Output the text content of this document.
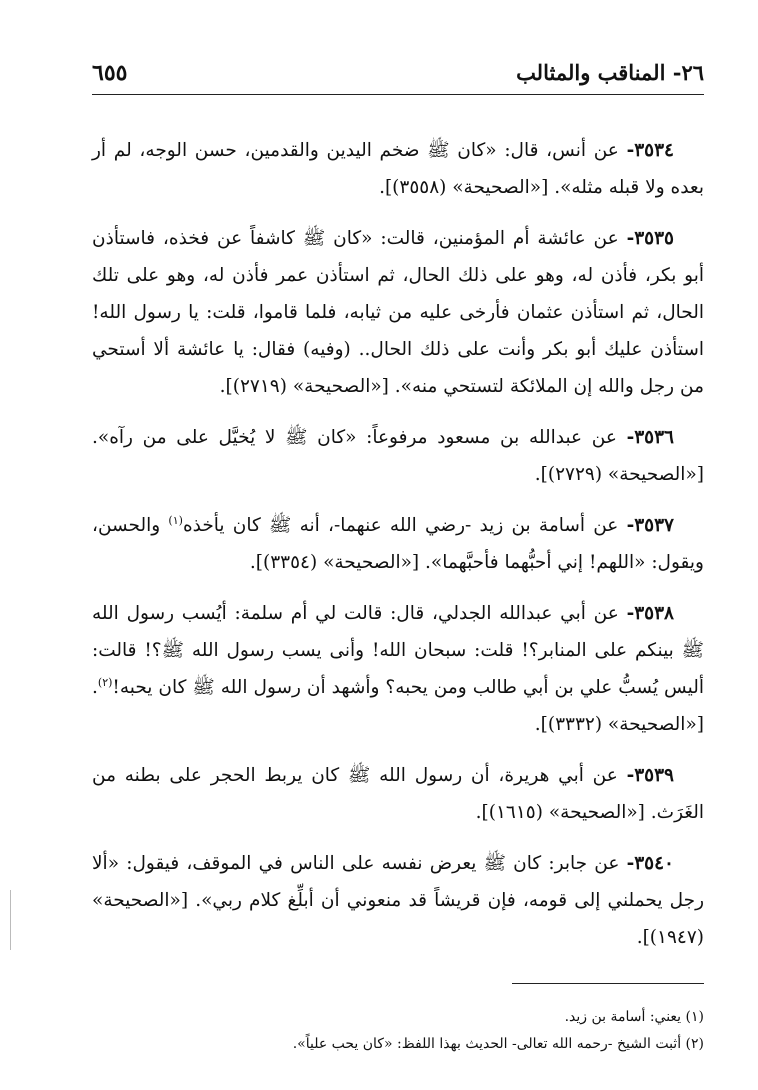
٢٦- المناقب والمثالب
٦٥٥

٣٥٣٤- عن أنس، قال: «كان ﷺ ضخم اليدين والقدمين، حسن الوجه، لم أر بعده ولا قبله مثله». [«الصحيحة» (٣٥٥٨)].

٣٥٣٥- عن عائشة أم المؤمنين، قالت: «كان ﷺ كاشفاً عن فخذه، فاستأذن أبو بكر، فأذن له، وهو على ذلك الحال، ثم استأذن عمر فأذن له، وهو على تلك الحال، ثم استأذن عثمان فأرخى عليه من ثيابه، فلما قاموا، قلت: يا رسول الله! استأذن عليك أبو بكر وأنت على ذلك الحال.. (وفيه) فقال: يا عائشة ألا أستحي من رجل والله إن الملائكة لتستحي منه». [«الصحيحة» (٢٧١٩)].

٣٥٣٦- عن عبدالله بن مسعود مرفوعاً: «كان ﷺ لا يُخيَّل على من رآه». [«الصحيحة» (٢٧٢٩)].

٣٥٣٧- عن أسامة بن زيد -رضي الله عنهما-، أنه ﷺ كان يأخذه$^{(١)}$ والحسن، ويقول: «اللهم! إني أحبُّهما فأحبَّهما». [«الصحيحة» (٣٣٥٤)].

٣٥٣٨- عن أبي عبدالله الجدلي، قال: قالت لي أم سلمة: أيُسب رسول الله ﷺ بينكم على المنابر؟! قلت: سبحان الله! وأنى يسب رسول الله ﷺ؟! قالت: أليس يُسبُّ علي بن أبي طالب ومن يحبه؟ وأشهد أن رسول الله ﷺ كان يحبه!$^{(٢)}$. [«الصحيحة» (٣٣٣٢)].

٣٥٣٩- عن أبي هريرة، أن رسول الله ﷺ كان يربط الحجر على بطنه من الغَرَث. [«الصحيحة» (١٦١٥)].

٣٥٤٠- عن جابر: كان ﷺ يعرض نفسه على الناس في الموقف، فيقول: «ألا رجل يحملني إلى قومه، فإن قريشاً قد منعوني أن أبلِّغ كلام ربي». [«الصحيحة» (١٩٤٧)].

(١) يعني: أسامة بن زيد.

(٢) أثبت الشيخ -رحمه الله تعالى- الحديث بهذا اللفظ: «كان يحب علياً».
